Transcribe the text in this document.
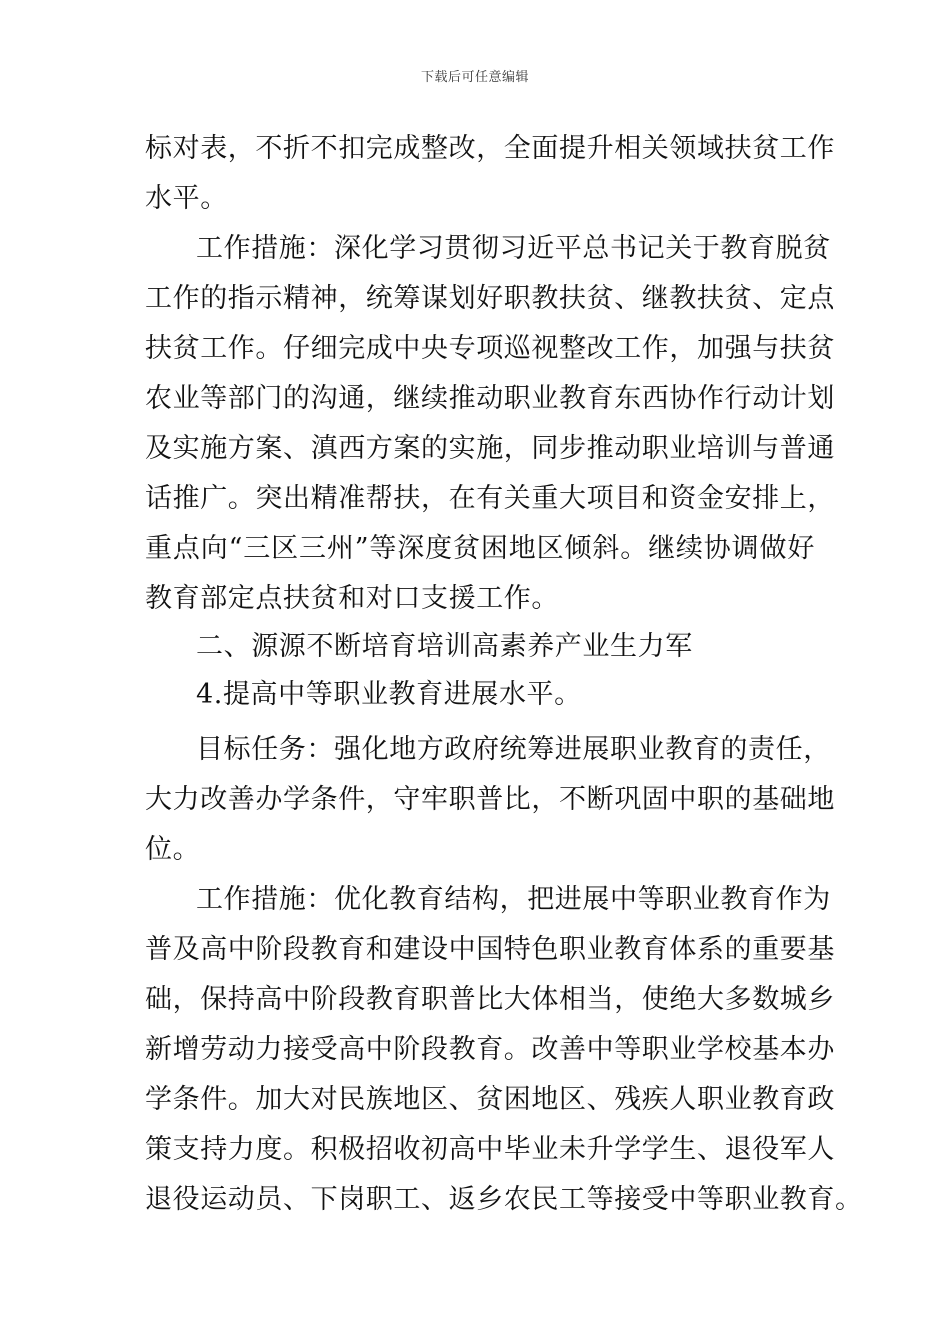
下载后可任意编辑
标对表，不折不扣完成整改，全面提升相关领域扶贫工作
水平。
工作措施：深化学习贯彻习近平总书记关于教育脱贫
工作的指示精神，统筹谋划好职教扶贫、继教扶贫、定点
扶贫工作。仔细完成中央专项巡视整改工作，加强与扶贫
农业等部门的沟通，继续推动职业教育东西协作行动计划
及实施方案、滇西方案的实施，同步推动职业培训与普通
话推广。突出精准帮扶，在有关重大项目和资金安排上，
重点向“三区三州”等深度贫困地区倾斜。继续协调做好
教育部定点扶贫和对口支援工作。
二、源源不断培育培训高素养产业生力军
4.提高中等职业教育进展水平。
目标任务：强化地方政府统筹进展职业教育的责任，
大力改善办学条件，守牢职普比，不断巩固中职的基础地
位。
工作措施：优化教育结构，把进展中等职业教育作为
普及高中阶段教育和建设中国特色职业教育体系的重要基
础，保持高中阶段教育职普比大体相当，使绝大多数城乡
新增劳动力接受高中阶段教育。改善中等职业学校基本办
学条件。加大对民族地区、贫困地区、残疾人职业教育政
策支持力度。积极招收初高中毕业未升学学生、退役军人
退役运动员、下岗职工、返乡农民工等接受中等职业教育。
